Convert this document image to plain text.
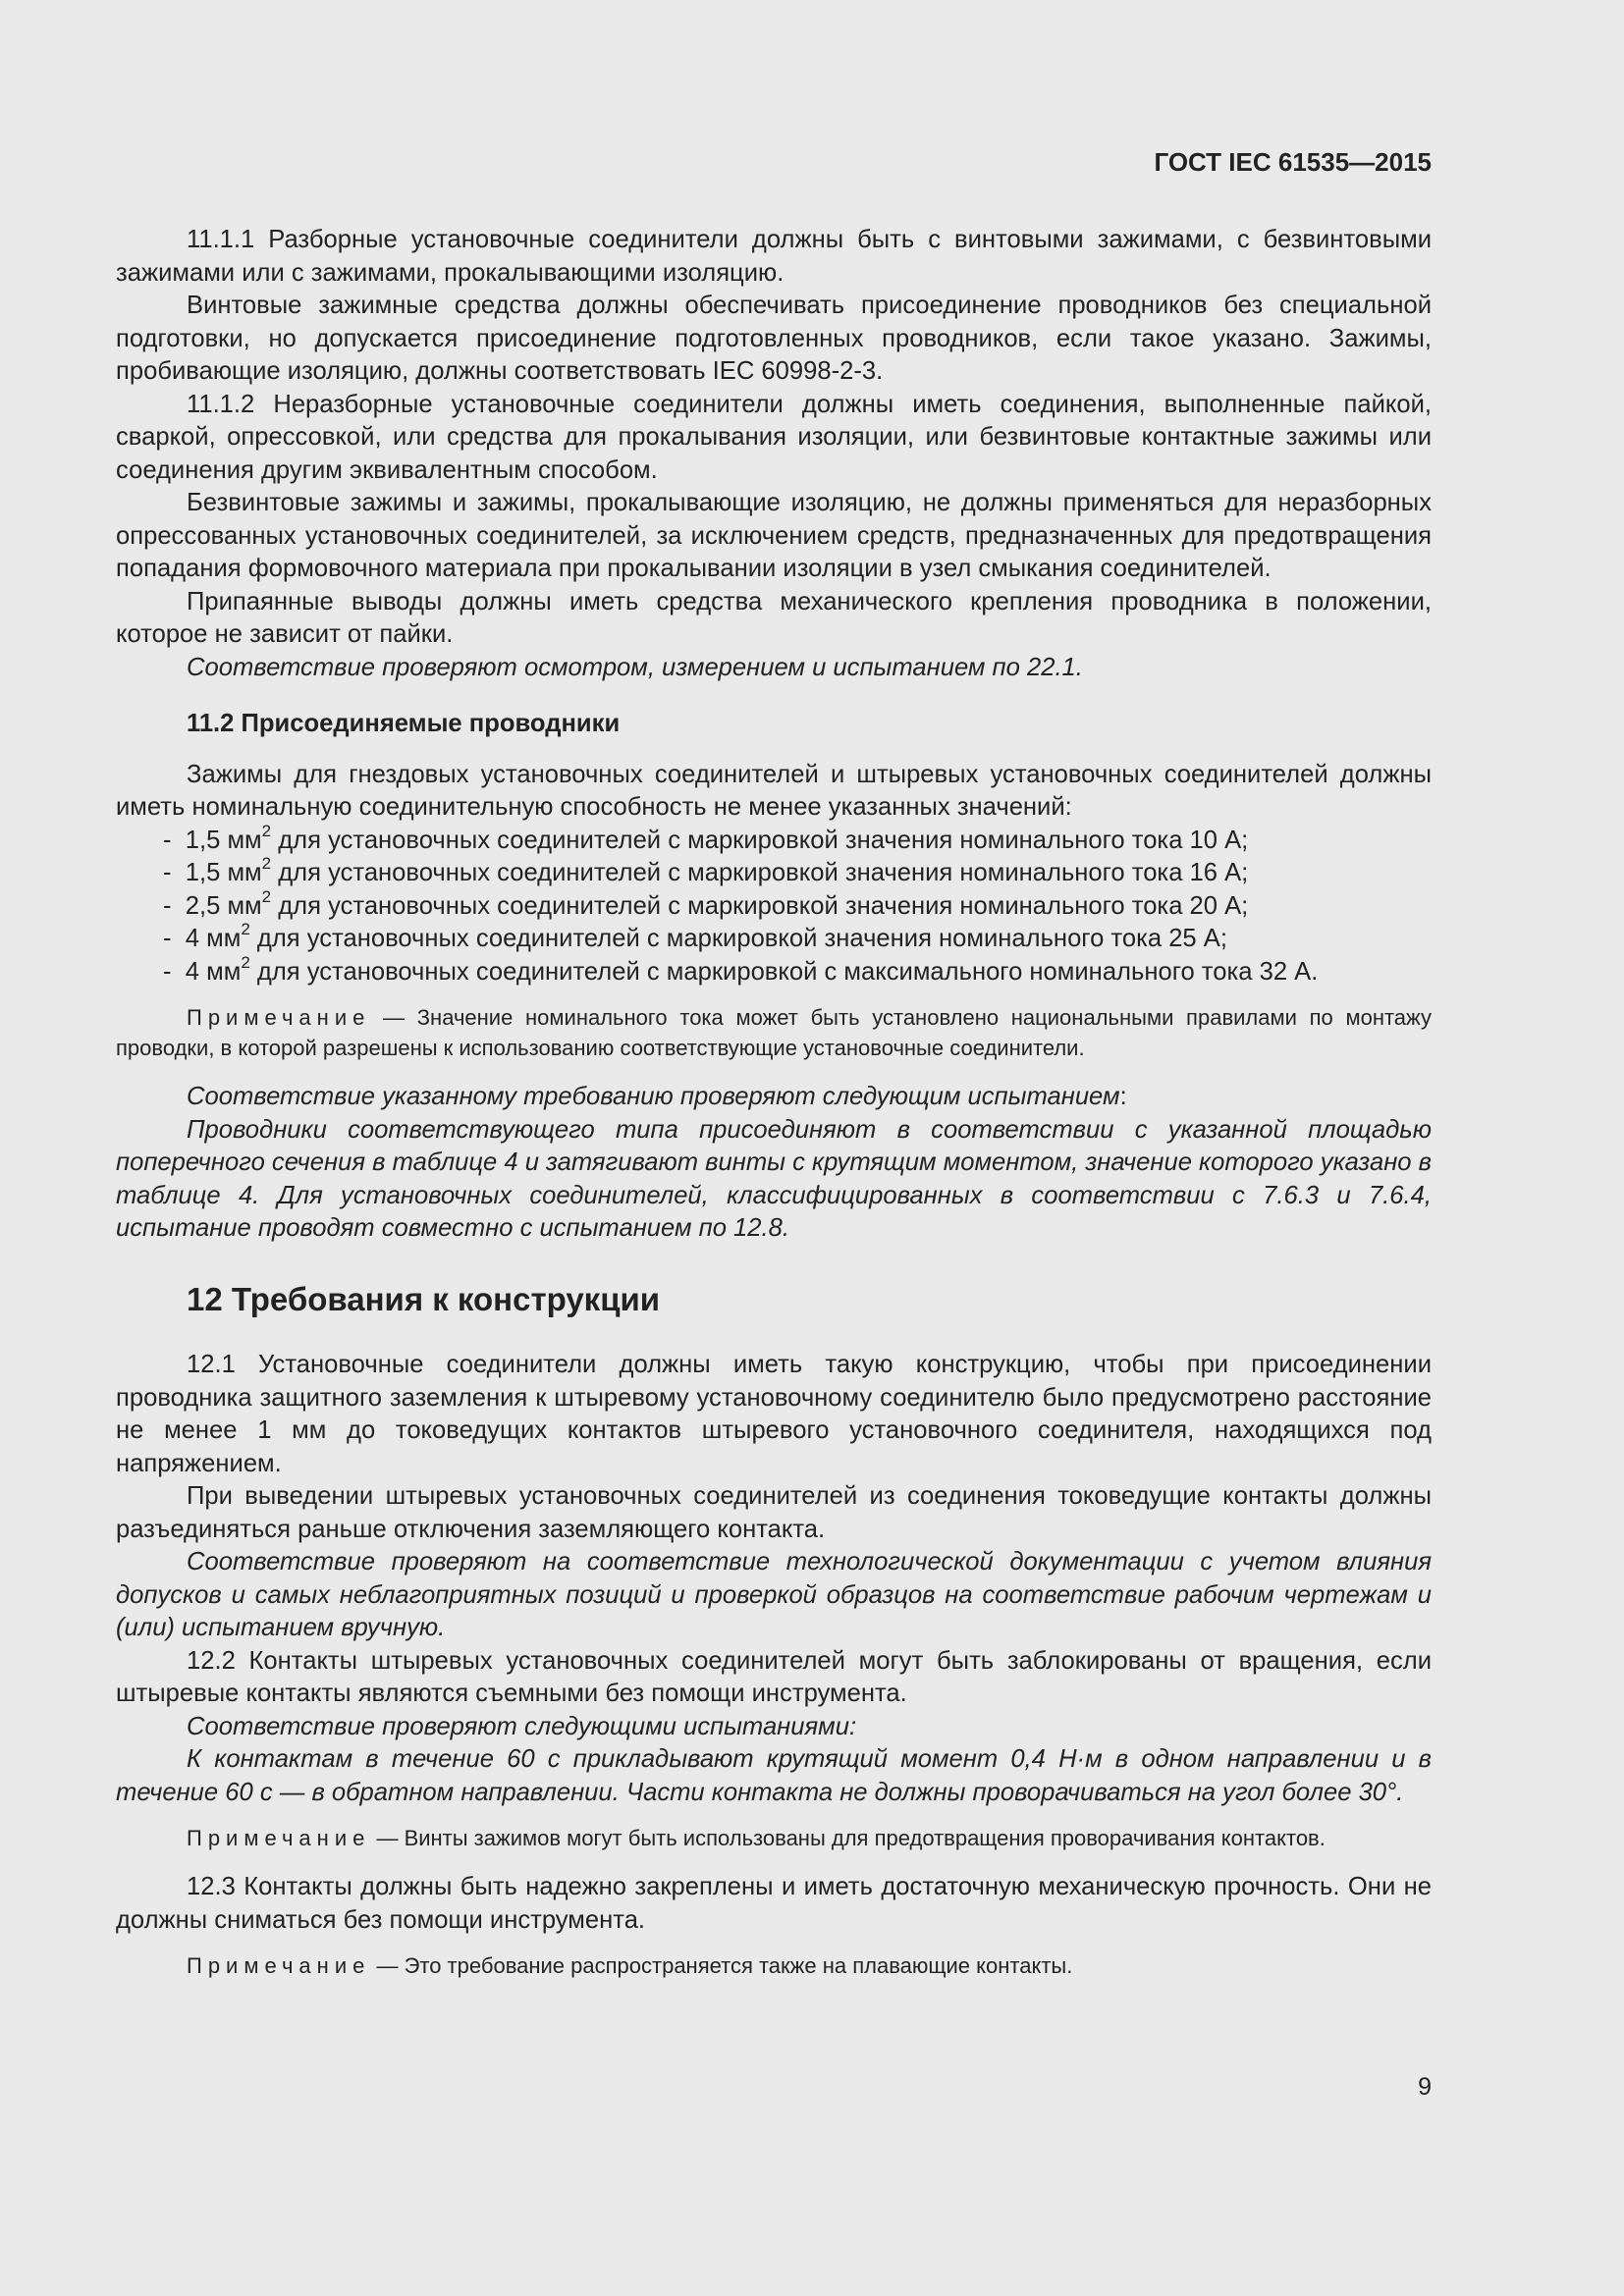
ГОСТ IEC 61535—2015

11.1.1 Разборные установочные соединители должны быть с винтовыми зажимами, с безвинтовыми зажимами или с зажимами, прокалывающими изоляцию.

Винтовые зажимные средства должны обеспечивать присоединение проводников без специальной подготовки, но допускается присоединение подготовленных проводников, если такое указано. Зажимы, пробивающие изоляцию, должны соответствовать IEC 60998-2-3.

11.1.2 Неразборные установочные соединители должны иметь соединения, выполненные пайкой, сваркой, опрессовкой, или средства для прокалывания изоляции, или безвинтовые контактные зажимы или соединения другим эквивалентным способом.

Безвинтовые зажимы и зажимы, прокалывающие изоляцию, не должны применяться для неразборных опрессованных установочных соединителей, за исключением средств, предназначенных для предотвращения попадания формовочного материала при прокалывании изоляции в узел смыкания соединителей.

Припаянные выводы должны иметь средства механического крепления проводника в положении, которое не зависит от пайки.

Соответствие проверяют осмотром, измерением и испытанием по 22.1.

11.2 Присоединяемые проводники

Зажимы для гнездовых установочных соединителей и штыревых установочных соединителей должны иметь номинальную соединительную способность не менее указанных значений:

- 1,5 $мм^2$ для установочных соединителей с маркировкой значения номинального тока 10 А;
- 1,5 $мм^2$ для установочных соединителей с маркировкой значения номинального тока 16 А;
- 2,5 $мм^2$ для установочных соединителей с маркировкой значения номинального тока 20 А;
- 4 $мм^2$ для установочных соединителей с маркировкой значения номинального тока 25 А;
- 4 $мм^2$ для установочных соединителей с маркировкой с максимального номинального тока 32 А.

Примечание — Значение номинального тока может быть установлено национальными правилами по монтажу проводки, в которой разрешены к использованию соответствующие установочные соединители.

Соответствие указанному требованию проверяют следующим испытанием:

Проводники соответствующего типа присоединяют в соответствии с указанной площадью поперечного сечения в таблице 4 и затягивают винты с крутящим моментом, значение которого указано в таблице 4. Для установочных соединителей, классифицированных в соответствии с 7.6.3 и 7.6.4, испытание проводят совместно с испытанием по 12.8.

12 Требования к конструкции

12.1 Установочные соединители должны иметь такую конструкцию, чтобы при присоединении проводника защитного заземления к штыревому установочному соединителю было предусмотрено расстояние не менее 1 мм до токоведущих контактов штыревого установочного соединителя, находящихся под напряжением.

При выведении штыревых установочных соединителей из соединения токоведущие контакты должны разъединяться раньше отключения заземляющего контакта.

Соответствие проверяют на соответствие технологической документации с учетом влияния допусков и самых неблагоприятных позиций и проверкой образцов на соответствие рабочим чертежам и (или) испытанием вручную.

12.2 Контакты штыревых установочных соединителей могут быть заблокированы от вращения, если штыревые контакты являются съемными без помощи инструмента.

Соответствие проверяют следующими испытаниями:

К контактам в течение 60 с прикладывают крутящий момент 0,4 Н·м в одном направлении и в течение 60 с — в обратном направлении. Части контакта не должны проворачиваться на угол более 30°.

Примечание — Винты зажимов могут быть использованы для предотвращения проворачивания контактов.

12.3 Контакты должны быть надежно закреплены и иметь достаточную механическую прочность. Они не должны сниматься без помощи инструмента.

Примечание — Это требование распространяется также на плавающие контакты.

9
